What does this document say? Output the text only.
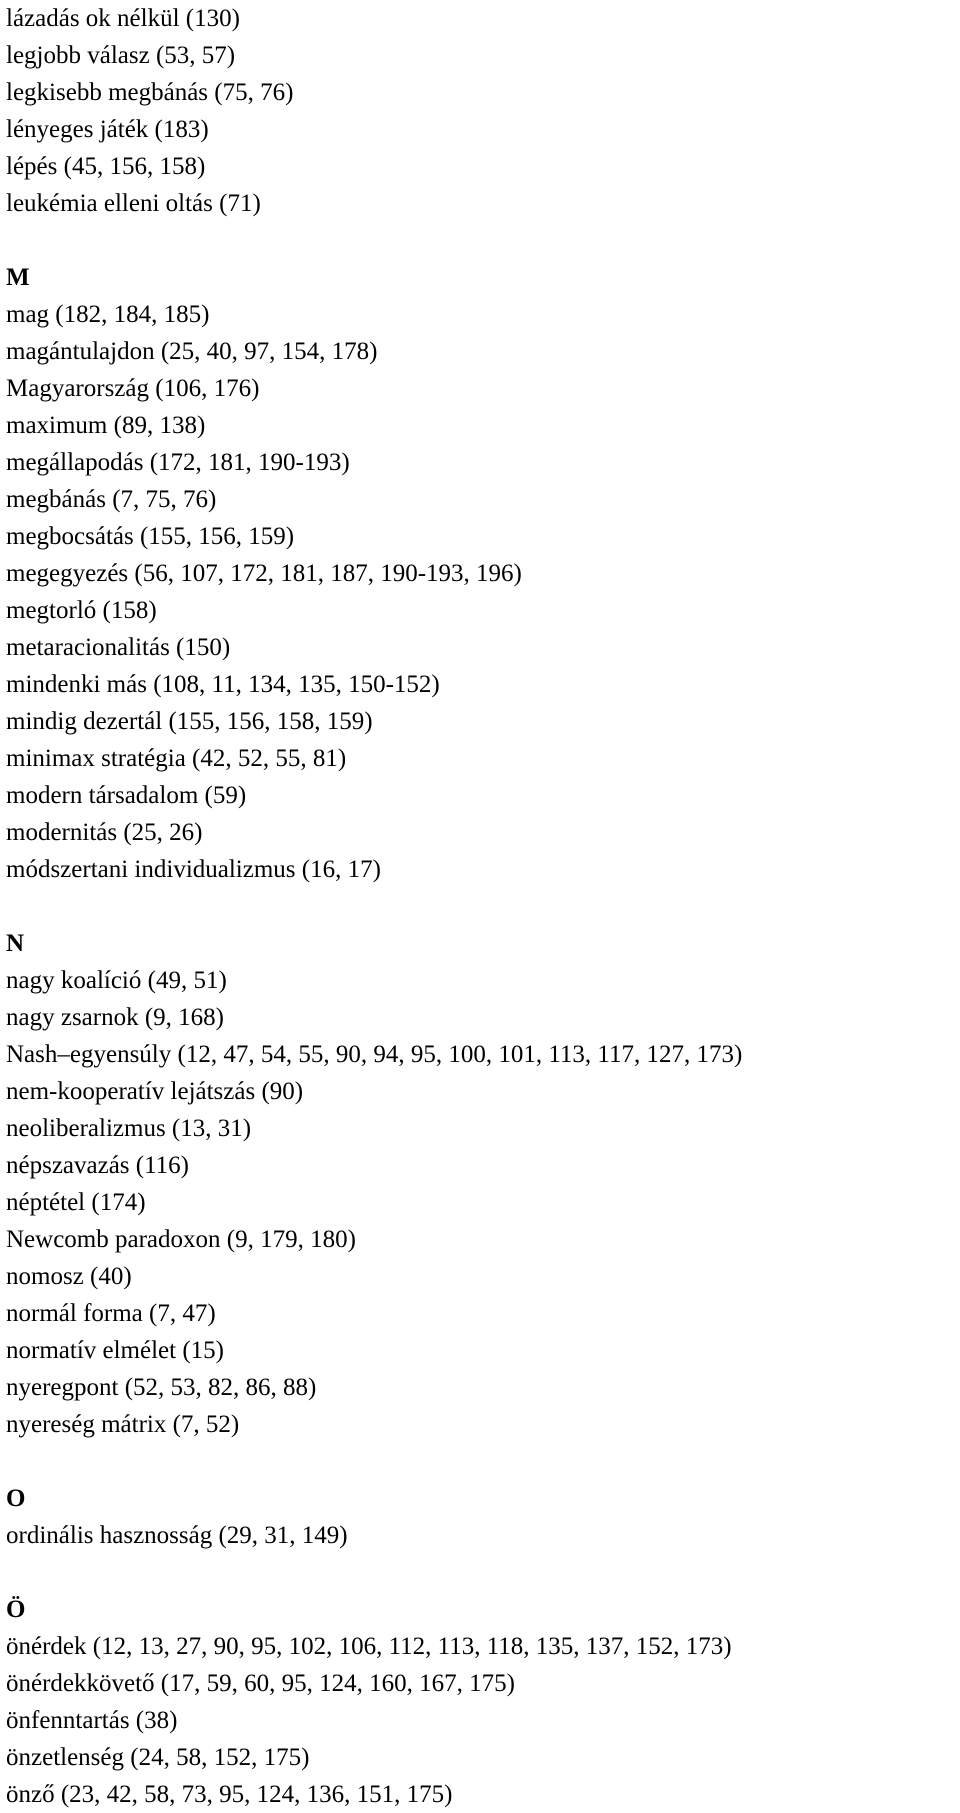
lázadás ok nélkül (130)
legjobb válasz (53, 57)
legkisebb megbánás (75, 76)
lényeges játék (183)
lépés (45, 156, 158)
leukémia elleni oltás (71)
M
mag (182, 184, 185)
magántulajdon (25, 40, 97, 154, 178)
Magyarország (106, 176)
maximum (89, 138)
megállapodás (172, 181, 190-193)
megbánás (7, 75, 76)
megbocsátás (155, 156, 159)
megegyezés (56, 107, 172, 181, 187, 190-193, 196)
megtorló (158)
metaracionalitás (150)
mindenki más (108, 11, 134, 135, 150-152)
mindig dezertál (155, 156, 158, 159)
minimax stratégia (42, 52, 55, 81)
modern társadalom (59)
modernitás (25, 26)
módszertani individualizmus (16, 17)
N
nagy koalíció (49, 51)
nagy zsarnok (9, 168)
Nash–egyensúly (12, 47, 54, 55, 90, 94, 95, 100, 101, 113, 117, 127, 173)
nem-kooperatív lejátszás (90)
neoliberalizmus (13, 31)
népszavazás (116)
néptétel (174)
Newcomb paradoxon (9, 179, 180)
nomosz (40)
normál forma (7, 47)
normatív elmélet (15)
nyeregpont (52, 53, 82, 86, 88)
nyereség mátrix (7, 52)
O
ordinális hasznosság (29, 31, 149)
Ö
önérdek (12, 13, 27, 90, 95, 102, 106, 112, 113, 118, 135, 137, 152, 173)
önérdekkövető (17, 59, 60, 95, 124, 160, 167, 175)
önfenntartás (38)
önzetlenség (24, 58, 152, 175)
önző (23, 42, 58, 73, 95, 124, 136, 151, 175)
